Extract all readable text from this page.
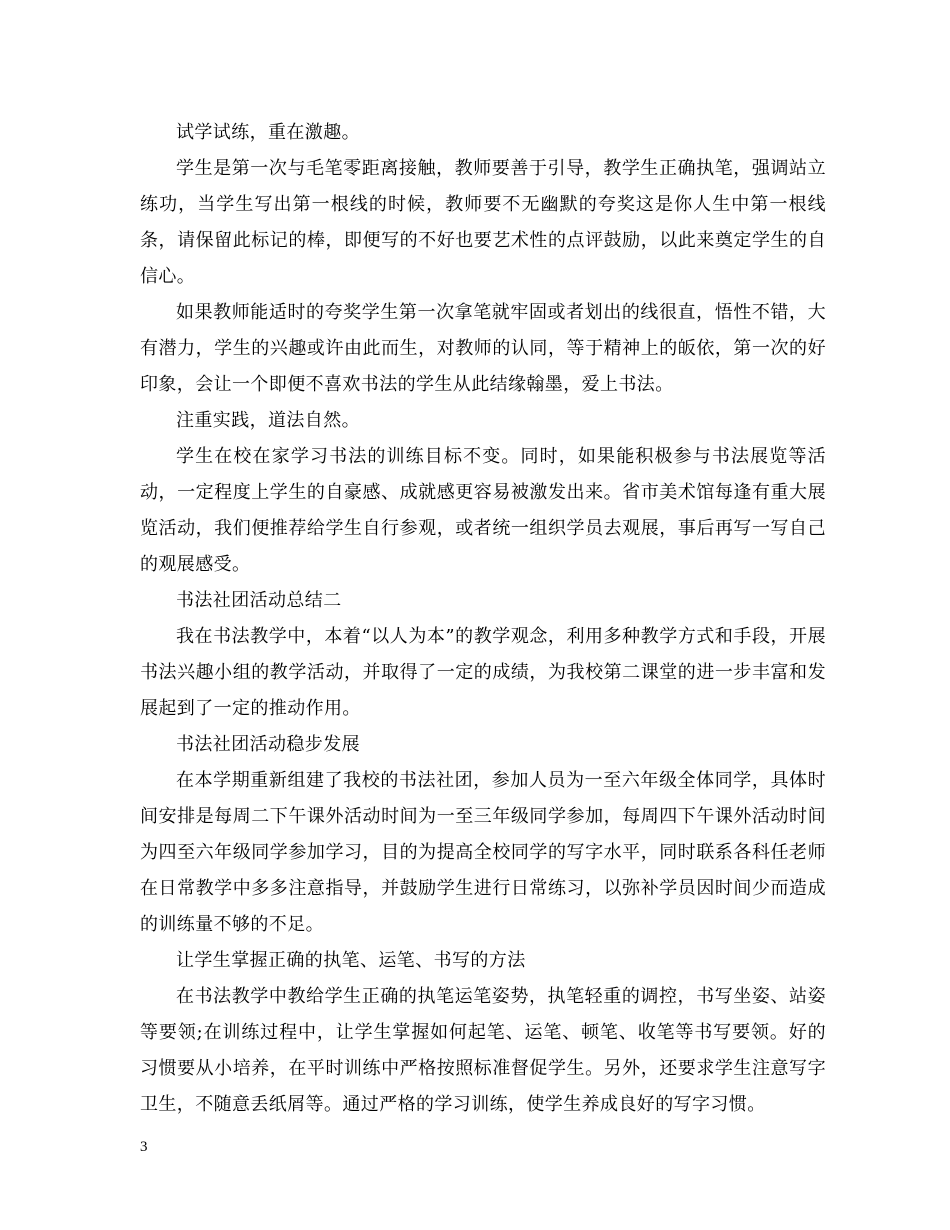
试学试练，重在激趣。

学生是第一次与毛笔零距离接触，教师要善于引导，教学生正确执笔，强调站立练功，当学生写出第一根线的时候，教师要不无幽默的夸奖这是你人生中第一根线条，请保留此标记的棒，即便写的不好也要艺术性的点评鼓励，以此来奠定学生的自信心。

如果教师能适时的夸奖学生第一次拿笔就牢固或者划出的线很直，悟性不错，大有潜力，学生的兴趣或许由此而生，对教师的认同，等于精神上的皈依，第一次的好印象，会让一个即便不喜欢书法的学生从此结缘翰墨，爱上书法。

注重实践，道法自然。

学生在校在家学习书法的训练目标不变。同时，如果能积极参与书法展览等活动，一定程度上学生的自豪感、成就感更容易被激发出来。省市美术馆每逢有重大展览活动，我们便推荐给学生自行参观，或者统一组织学员去观展，事后再写一写自己的观展感受。

书法社团活动总结二

我在书法教学中，本着“以人为本”的教学观念，利用多种教学方式和手段，开展书法兴趣小组的教学活动，并取得了一定的成绩，为我校第二课堂的进一步丰富和发展起到了一定的推动作用。

书法社团活动稳步发展

在本学期重新组建了我校的书法社团，参加人员为一至六年级全体同学，具体时间安排是每周二下午课外活动时间为一至三年级同学参加，每周四下午课外活动时间为四至六年级同学参加学习，目的为提高全校同学的写字水平，同时联系各科任老师在日常教学中多多注意指导，并鼓励学生进行日常练习，以弥补学员因时间少而造成的训练量不够的不足。

让学生掌握正确的执笔、运笔、书写的方法

在书法教学中教给学生正确的执笔运笔姿势，执笔轻重的调控，书写坐姿、站姿等要领;在训练过程中，让学生掌握如何起笔、运笔、顿笔、收笔等书写要领。好的习惯要从小培养，在平时训练中严格按照标准督促学生。另外，还要求学生注意写字卫生，不随意丢纸屑等。通过严格的学习训练，使学生养成良好的写字习惯。

3
